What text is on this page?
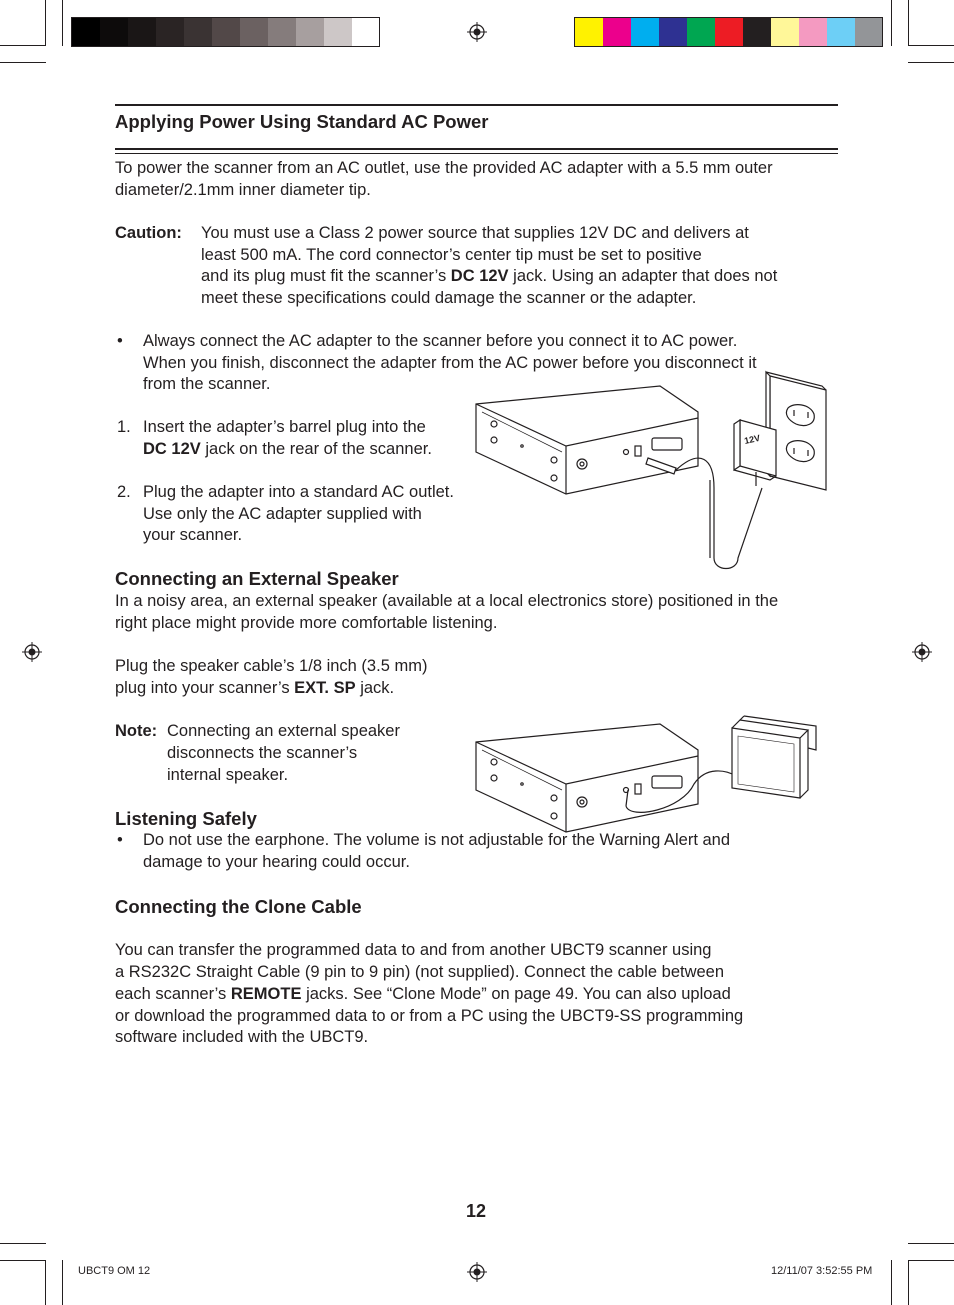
Applying Power Using Standard AC Power
To power the scanner from an AC outlet, use the provided AC adapter with a 5.5 mm outer
diameter/2.1mm inner diameter tip.
Caution: You must use a Class 2 power source that supplies 12V DC and delivers at
least 500 mA. The cord connector’s center tip must be set to positive
and its plug must fit the scanner’s DC 12V jack. Using an adapter that does not
meet these specifications could damage the scanner or the adapter.
• Always connect the AC adapter to the scanner before you connect it to AC power.
When you finish, disconnect the adapter from the AC power before you disconnect it
from the scanner.
1. Insert the adapter’s barrel plug into the
DC 12V jack on the rear of the scanner.
2. Plug the adapter into a standard AC outlet.
Use only the AC adapter supplied with
your scanner.
12V
Connecting an External Speaker
In a noisy area, an external speaker (available at a local electronics store) positioned in the
right place might provide more comfortable listening.
Plug the speaker cable’s 1/8 inch (3.5 mm)
plug into your scanner’s EXT. SP jack.
Note: Connecting an external speaker
disconnects the scanner’s
internal speaker.
Listening Safely
• Do not use the earphone. The volume is not adjustable for the Warning Alert and
damage to your hearing could occur.
Connecting the Clone Cable
You can transfer the programmed data to and from another UBCT9 scanner using
a RS232C Straight Cable (9 pin to 9 pin) (not supplied). Connect the cable between
each scanner’s REMOTE jacks. See “Clone Mode” on page 49. You can also upload
or download the programmed data to or from a PC using the UBCT9-SS programming
software included with the UBCT9.
12
UBCT9 OM 12	12/11/07 3:52:55 PM
